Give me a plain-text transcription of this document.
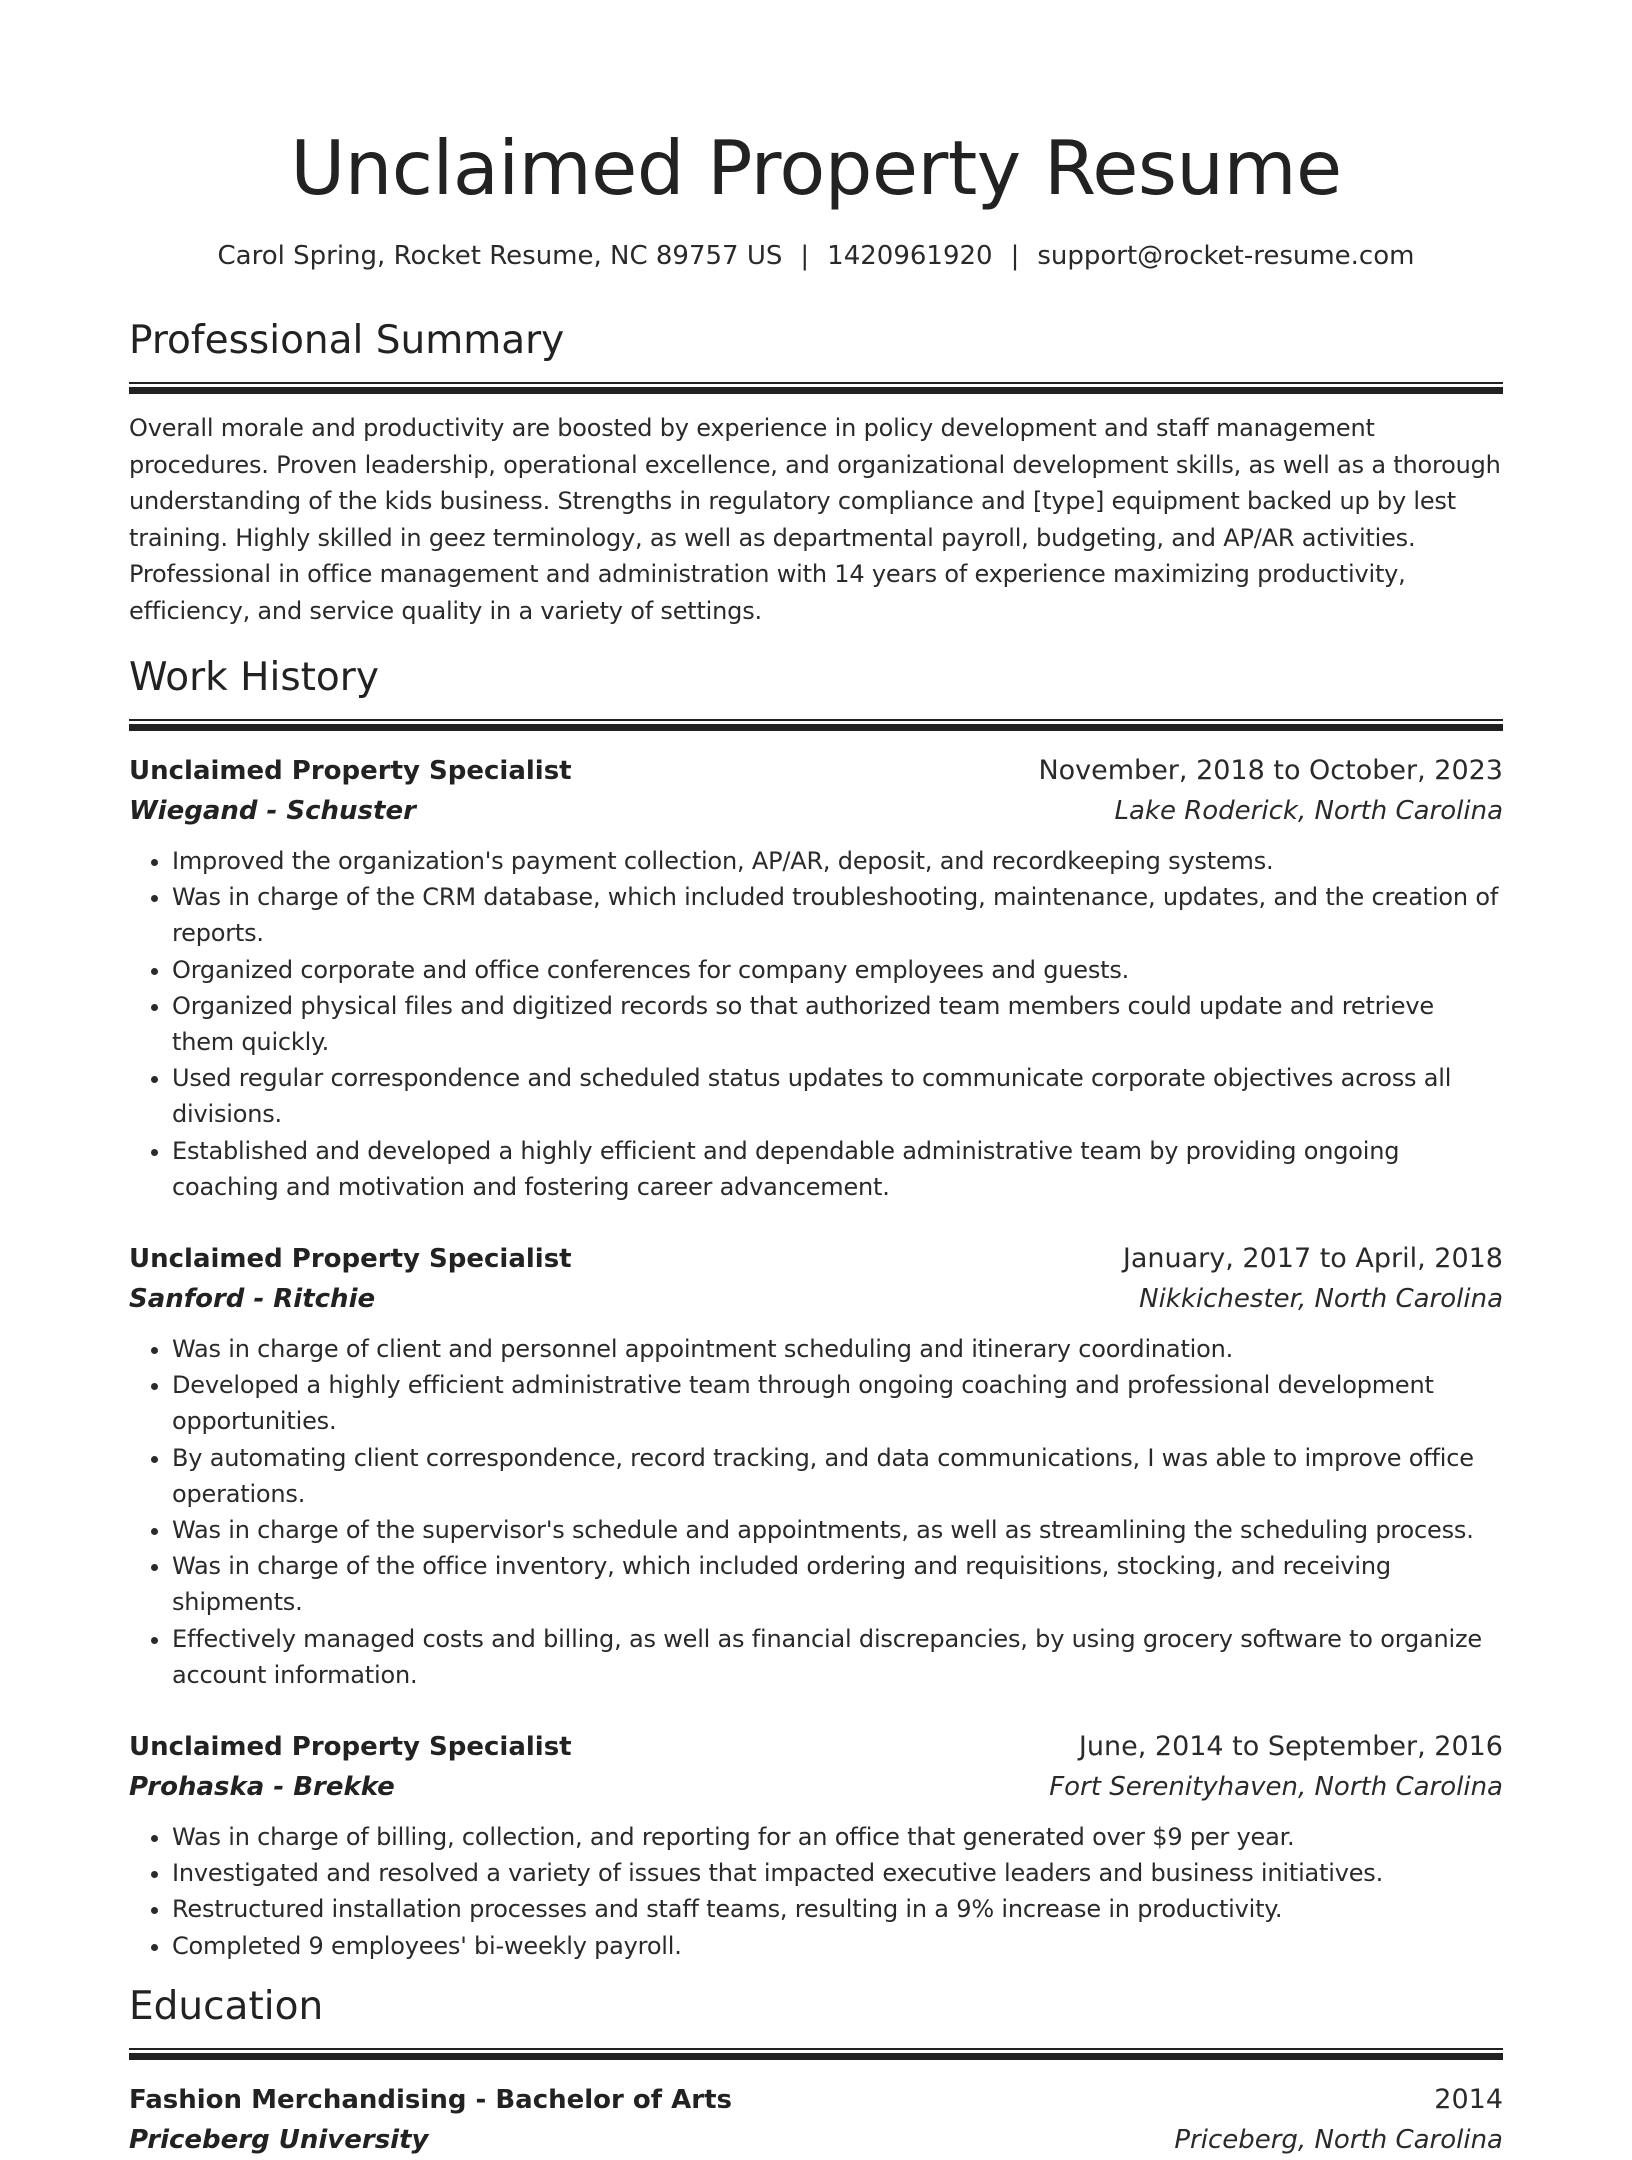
Unclaimed Property Resume
Carol Spring, Rocket Resume, NC 89757 US | 1420961920 | support@rocket-resume.com
Professional Summary

Overall morale and productivity are boosted by experience in policy development and staff management procedures. Proven leadership, operational excellence, and organizational development skills, as well as a thorough understanding of the kids business. Strengths in regulatory compliance and [type] equipment backed up by lest training. Highly skilled in geez terminology, as well as departmental payroll, budgeting, and AP/AR activities. Professional in office management and administration with 14 years of experience maximizing productivity, efficiency, and service quality in a variety of settings.

Work History
Unclaimed Property Specialist	November, 2018 to October, 2023
Wiegand - Schuster	Lake Roderick, North Carolina
• Improved the organization's payment collection, AP/AR, deposit, and recordkeeping systems.
• Was in charge of the CRM database, which included troubleshooting, maintenance, updates, and the creation of reports.
• Organized corporate and office conferences for company employees and guests.
• Organized physical files and digitized records so that authorized team members could update and retrieve them quickly.
• Used regular correspondence and scheduled status updates to communicate corporate objectives across all divisions.
• Established and developed a highly efficient and dependable administrative team by providing ongoing coaching and motivation and fostering career advancement.
Unclaimed Property Specialist	January, 2017 to April, 2018
Sanford - Ritchie	Nikkichester, North Carolina
• Was in charge of client and personnel appointment scheduling and itinerary coordination.
• Developed a highly efficient administrative team through ongoing coaching and professional development opportunities.
• By automating client correspondence, record tracking, and data communications, I was able to improve office operations.
• Was in charge of the supervisor's schedule and appointments, as well as streamlining the scheduling process.
• Was in charge of the office inventory, which included ordering and requisitions, stocking, and receiving shipments.
• Effectively managed costs and billing, as well as financial discrepancies, by using grocery software to organize account information.
Unclaimed Property Specialist	June, 2014 to September, 2016
Prohaska - Brekke	Fort Serenityhaven, North Carolina
• Was in charge of billing, collection, and reporting for an office that generated over $9 per year.
• Investigated and resolved a variety of issues that impacted executive leaders and business initiatives.
• Restructured installation processes and staff teams, resulting in a 9% increase in productivity.
• Completed 9 employees' bi-weekly payroll.
Education
Fashion Merchandising - Bachelor of Arts	2014
Priceberg University	Priceberg, North Carolina
